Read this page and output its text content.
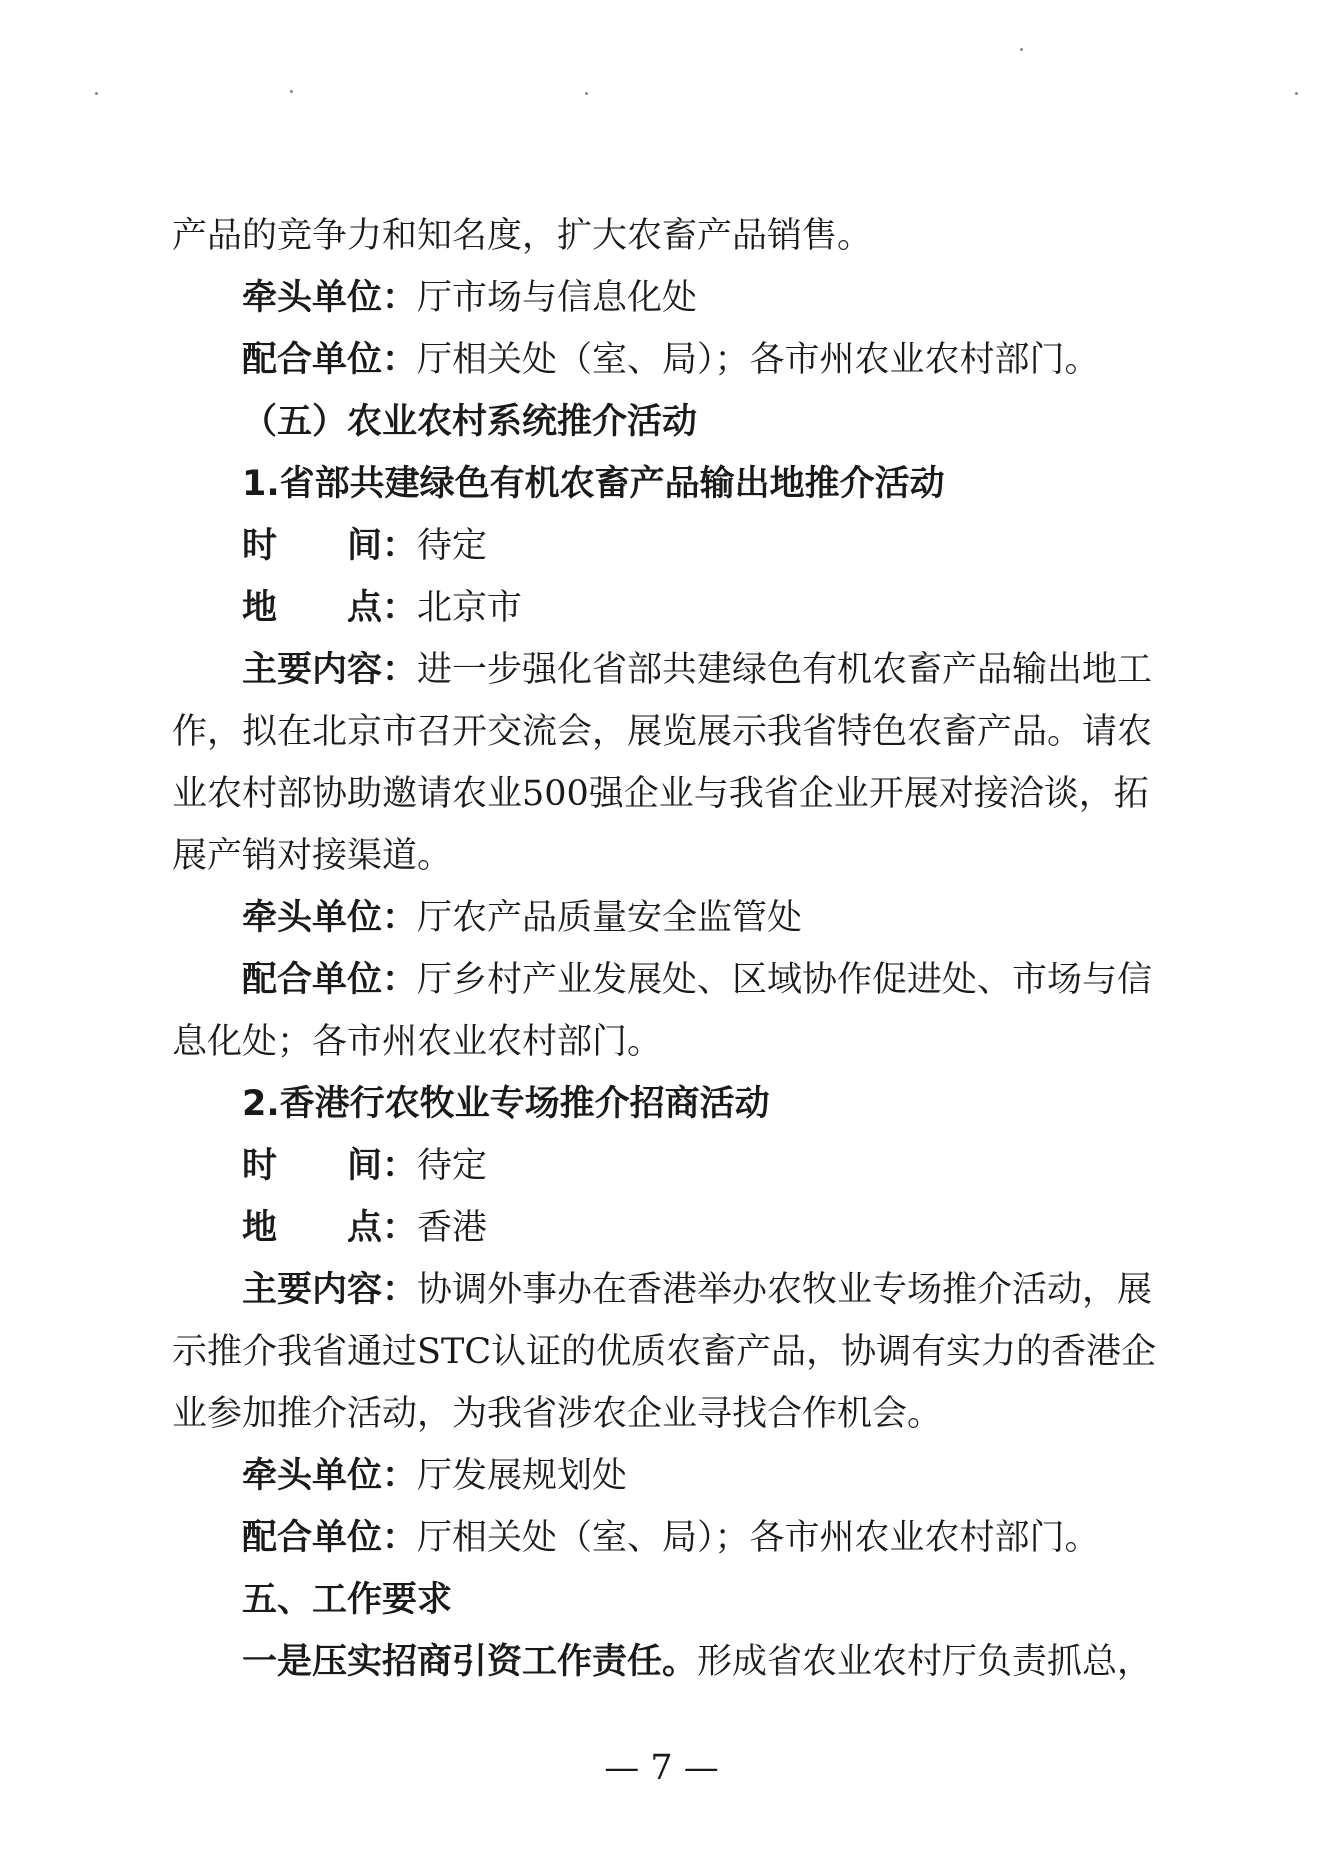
产品的竞争力和知名度，扩大农畜产品销售。

牵头单位：厅市场与信息化处

配合单位：厅相关处（室、局）；各市州农业农村部门。

（五）农业农村系统推介活动

1.省部共建绿色有机农畜产品输出地推介活动

时　　间：待定

地　　点：北京市

主要内容：进一步强化省部共建绿色有机农畜产品输出地工作，拟在北京市召开交流会，展览展示我省特色农畜产品。请农业农村部协助邀请农业500强企业与我省企业开展对接洽谈，拓展产销对接渠道。

牵头单位：厅农产品质量安全监管处

配合单位：厅乡村产业发展处、区域协作促进处、市场与信息化处；各市州农业农村部门。

2.香港行农牧业专场推介招商活动

时　　间：待定

地　　点：香港

主要内容：协调外事办在香港举办农牧业专场推介活动，展示推介我省通过STC认证的优质农畜产品，协调有实力的香港企业参加推介活动，为我省涉农企业寻找合作机会。

牵头单位：厅发展规划处

配合单位：厅相关处（室、局）；各市州农业农村部门。

五、工作要求

一是压实招商引资工作责任。形成省农业农村厅负责抓总，

— 7 —
